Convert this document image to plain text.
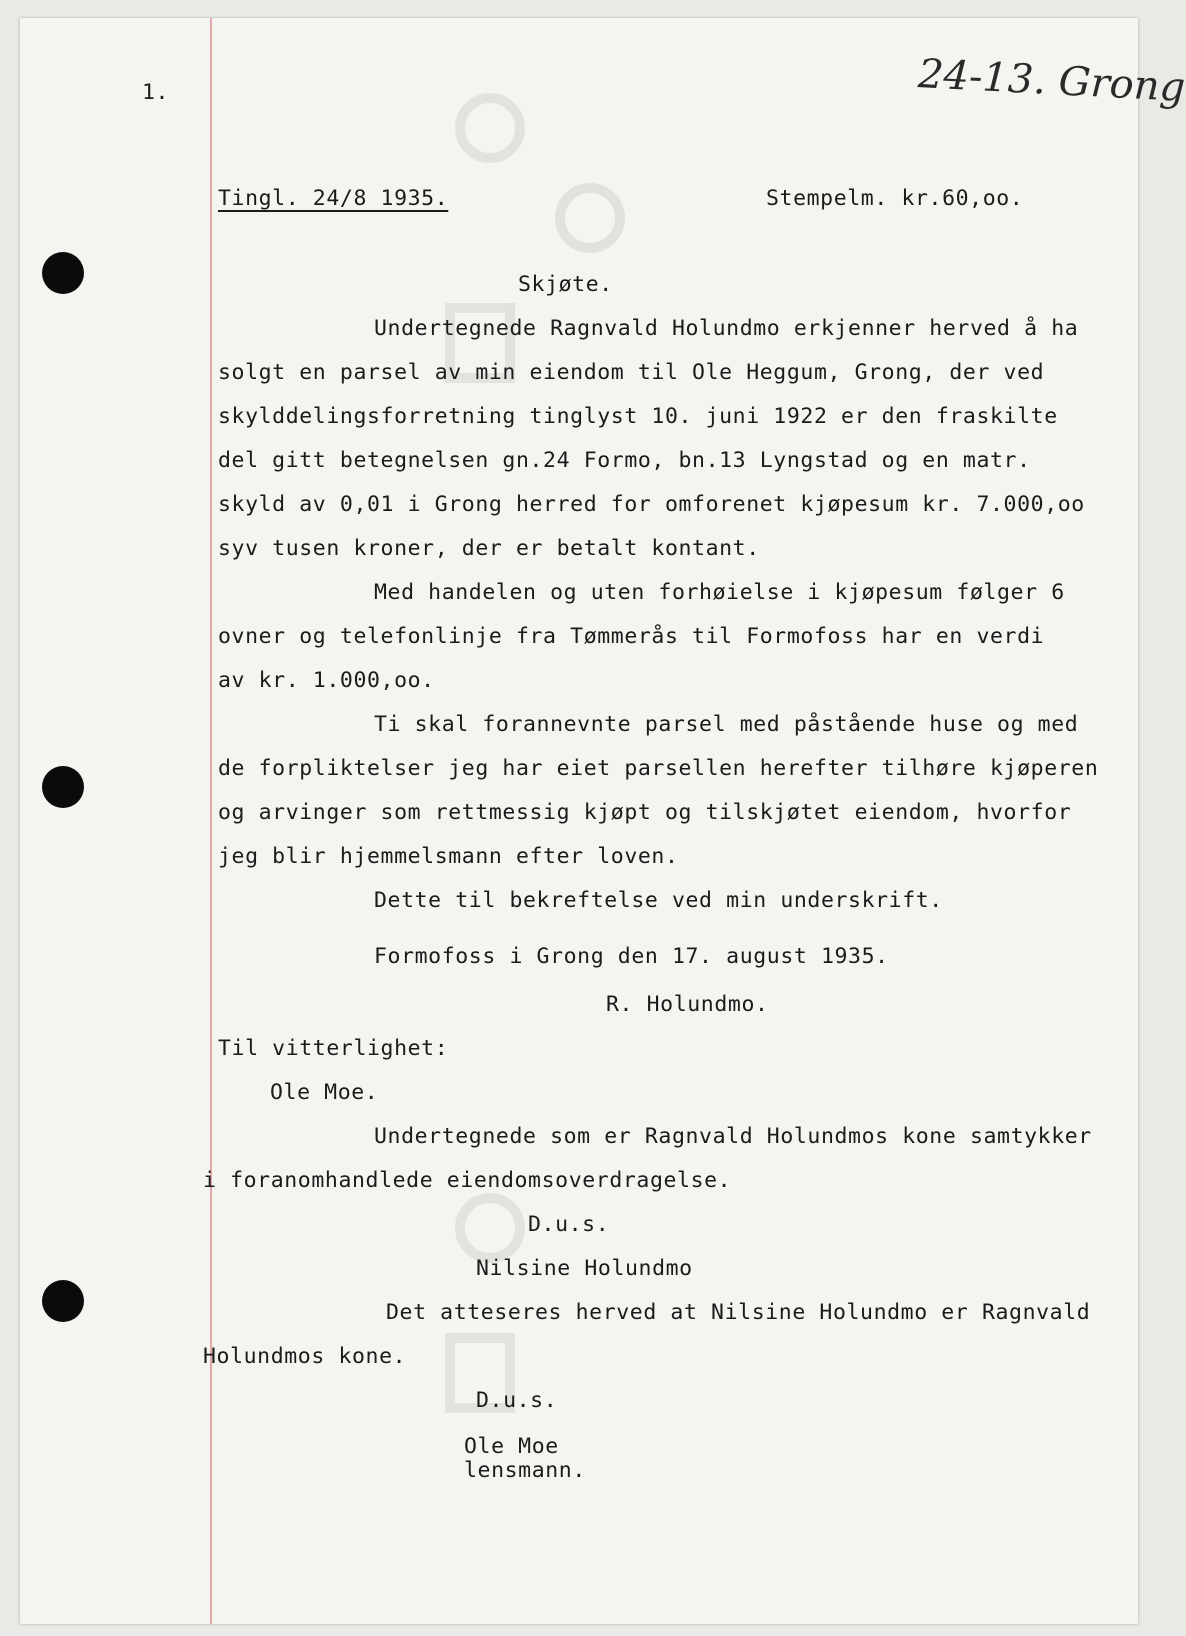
1.	24-13. Grong

Tingl. 24/8 1935.	Stempelm. kr.60,oo.

Skjøte.

Undertegnede Ragnvald Holundmo erkjenner herved å ha

solgt en parsel av min eiendom til Ole Heggum, Grong, der ved

skylddelingsforretning tinglyst 10. juni 1922 er den fraskilte

del gitt betegnelsen gn.24 Formo, bn.13 Lyngstad og en matr.

skyld av 0,01 i Grong herred for omforenet kjøpesum kr. 7.000,oo

syv tusen kroner, der er betalt kontant.

Med handelen og uten forhøielse i kjøpesum følger 6

ovner og telefonlinje fra Tømmerås til Formofoss har en verdi

av kr. 1.000,oo.

Ti skal forannevnte parsel med påstående huse og med

de forpliktelser jeg har eiet parsellen herefter tilhøre kjøperen

og arvinger som rettmessig kjøpt og tilskjøtet eiendom, hvorfor

jeg blir hjemmelsmann efter loven.

Dette til bekreftelse ved min underskrift.

Formofoss i Grong den 17. august 1935.

R. Holundmo.

Til vitterlighet:

Ole Moe.

Undertegnede som er Ragnvald Holundmos kone samtykker

i foranomhandlede eiendomsoverdragelse.

D.u.s.

Nilsine Holundmo

Det atteseres herved at Nilsine Holundmo er Ragnvald

Holundmos kone.

D.u.s.

Ole Moe

lensmann.
